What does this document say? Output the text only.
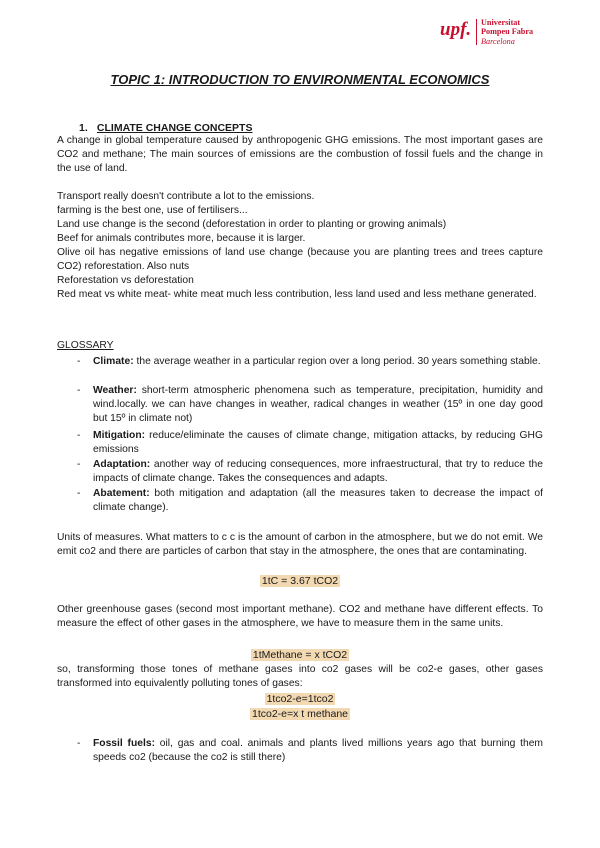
upf. Universitat
Pompeu Fabra
Barcelona
TOPIC 1: INTRODUCTION TO ENVIRONMENTAL ECONOMICS
1. CLIMATE CHANGE CONCEPTS
A change in global temperature caused by anthropogenic GHG emissions. The most important gases are CO2 and methane; The main sources of emissions are the combustion of fossil fuels and the change in the use of land.
Transport really doesn't contribute a lot to the emissions.
farming is the best one, use of fertilisers...
Land use change is the second (deforestation in order to planting or growing animals)
Beef for animals contributes more, because it is larger.
Olive oil has negative emissions of land use change (because you are planting trees and trees capture CO2) reforestation. Also nuts
Reforestation vs deforestation
Red meat vs white meat- white meat much less contribution, less land used and less methane generated.
GLOSSARY
- Climate: the average weather in a particular region over a long period. 30 years something stable.
- Weather: short-term atmospheric phenomena such as temperature, precipitation, humidity and wind.locally. we can have changes in weather, radical changes in weather (15º in one day good but 15º in climate not)
- Mitigation: reduce/eliminate the causes of climate change, mitigation attacks, by reducing GHG emissions
- Adaptation: another way of reducing consequences, more infraestructural, that try to reduce the impacts of climate change. Takes the consequences and adapts.
- Abatement: both mitigation and adaptation (all the measures taken to decrease the impact of climate change).
Units of measures. What matters to c c is the amount of carbon in the atmosphere, but we do not emit. We emit co2 and there are particles of carbon that stay in the atmosphere, the ones that are contaminating.
1tC = 3.67 tCO2
Other greenhouse gases (second most important methane). CO2 and methane have different effects. To measure the effect of other gases in the atmosphere, we have to measure them in the same units.
1tMethane = x tCO2
so, transforming those tones of methane gases into co2 gases will be co2-e gases, other gases transformed into equivalently polluting tones of gases:
1tco2-e=1tco2
1tco2-e=x t methane
- Fossil fuels: oil, gas and coal. animals and plants lived millions years ago that burning them speeds co2 (because the co2 is still there)
